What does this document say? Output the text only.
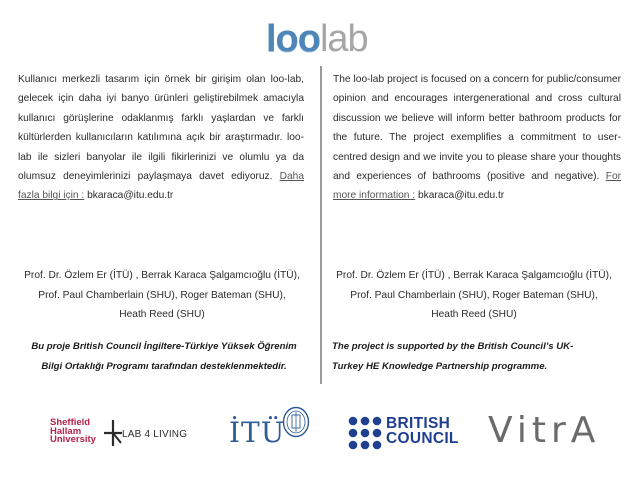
loolab
Kullanıcı merkezli tasarım için örnek bir girişim olan loo-lab, gelecek için daha iyi banyo ürünleri geliştirebilmek amacıyla kullanıcı görüşlerine odaklanmış farklı yaşlardan ve farklı kültürlerden kullanıcıların katılımına açık bir araştırmadır. loo-lab ile sizleri banyolar ile ilgili fikirlerinizi ve olumlu ya da olumsuz deneyimlerinizi paylaşmaya davet ediyoruz. Daha fazla bilgi için : bkaraca@itu.edu.tr
The loo-lab project is focused on a concern for public/consumer opinion and encourages intergenerational and cross cultural discussion we believe will inform better bathroom products for the future. The project exemplifies a commitment to user-centred design and we invite you to please share your thoughts and experiences of bathrooms (positive and negative). For more information : bkaraca@itu.edu.tr
Prof. Dr. Özlem Er (İTÜ) , Berrak Karaca Şalgamcıoğlu (İTÜ),
Prof. Paul Chamberlain (SHU), Roger Bateman (SHU),
Heath Reed (SHU)
Prof. Dr. Özlem Er (İTÜ) , Berrak Karaca Şalgamcıoğlu (İTÜ),
Prof. Paul Chamberlain (SHU), Roger Bateman (SHU),
Heath Reed (SHU)
Bu proje British Council İngiltere-Türkiye Yüksek Öğrenim
Bilgi Ortaklığı Programı tarafından desteklenmektedir.
The project is supported by the British Council’s UK-
Turkey HE Knowledge Partnership programme.
Sheffield
Hallam
University	LAB 4 LIVING İTÜ	BRITISH
COUNCIL VitrA
